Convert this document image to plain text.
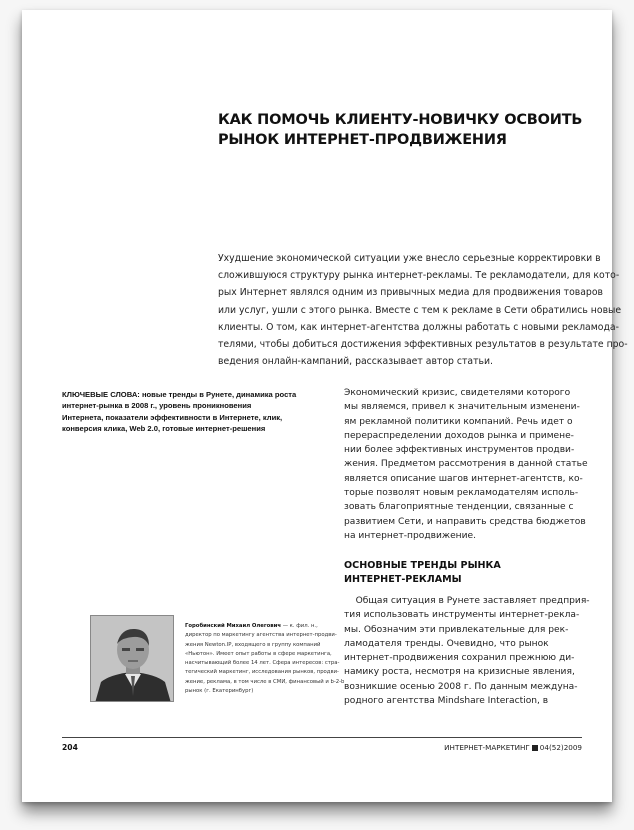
КАК ПОМОЧЬ КЛИЕНТУ-НОВИЧКУ ОСВОИТЬ
РЫНОК ИНТЕРНЕТ-ПРОДВИЖЕНИЯ
Ухудшение экономической ситуации уже внесло серьезные корректировки в
сложившуюся структуру рынка интернет-рекламы. Те рекламодатели, для кото-
рых Интернет являлся одним из привычных медиа для продвижения товаров
или услуг, ушли с этого рынка. Вместе с тем к рекламе в Сети обратились новые
клиенты. О том, как интернет-агентства должны работать с новыми рекламода-
телями, чтобы добиться достижения эффективных результатов в результате про-
ведения онлайн-кампаний, рассказывает автор статьи.
КЛЮЧЕВЫЕ СЛОВА: новые тренды в Рунете, динамика роста
интернет-рынка в 2008 г., уровень проникновения
Интернета, показатели эффективности в Интернете, клик,
конверсия клика, Web 2.0, готовые интернет-решения
Экономический кризис, свидетелями которого
мы являемся, привел к значительным изменени-
ям рекламной политики компаний. Речь идет о
перераспределении доходов рынка и примене-
нии более эффективных инструментов продви-
жения. Предметом рассмотрения в данной статье
является описание шагов интернет-агентств, ко-
торые позволят новым рекламодателям исполь-
зовать благоприятные тенденции, связанные с
развитием Сети, и направить средства бюджетов
на интернет-продвижение.
ОСНОВНЫЕ ТРЕНДЫ РЫНКА
ИНТЕРНЕТ-РЕКЛАМЫ
Общая ситуация в Рунете заставляет предприя-
тия использовать инструменты интернет-рекла-
мы. Обозначим эти привлекательные для рек-
ламодателя тренды. Очевидно, что рынок
интернет-продвижения сохранил прежнюю ди-
намику роста, несмотря на кризисные явления,
возникшие осенью 2008 г. По данным междуна-
родного агентства Mindshare Interaction, в
Горобинский Михаил Олегович — к. фил. н.,
директор по маркетингу агентства интернет-продви-
жения Newton.IP, входящего в группу компаний
«Ньютон». Имеет опыт работы в сфере маркетинга,
насчитывающий более 14 лет. Сфера интересов: стра-
тегический маркетинг, исследования рынков, продви-
жение, реклама, в том числе в СМИ, финансовый и b-2-b
рынок (г. Екатеринбург)
204	ИНТЕРНЕТ-МАРКЕТИНГ 04(52)2009
